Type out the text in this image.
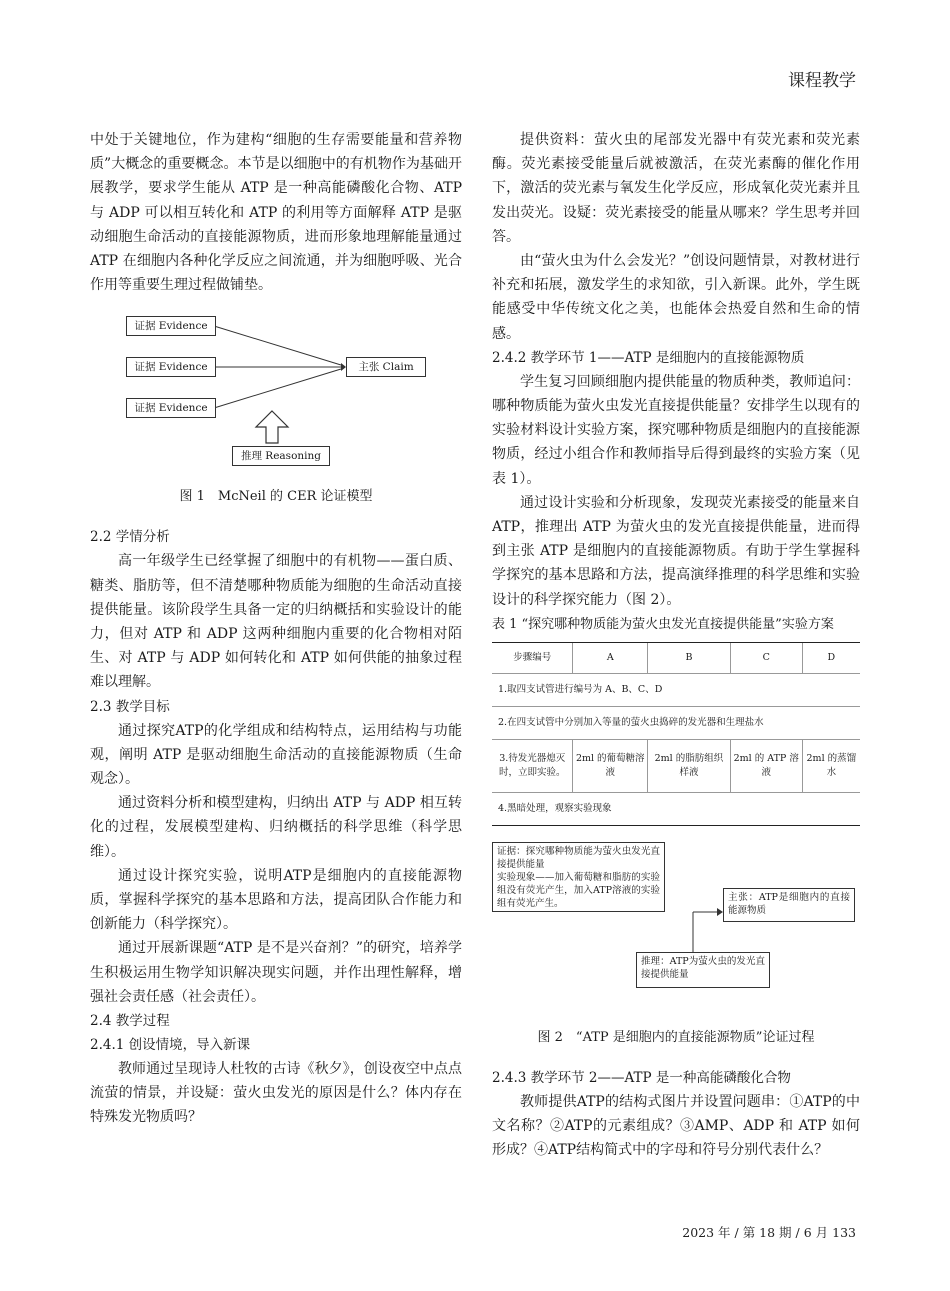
课程教学

中处于关键地位，作为建构“细胞的生存需要能量和营养物质”大概念的重要概念。本节是以细胞中的有机物作为基础开展教学，要求学生能从 ATP 是一种高能磷酸化合物、ATP 与 ADP 可以相互转化和 ATP 的利用等方面解释 ATP 是驱动细胞生命活动的直接能源物质，进而形象地理解能量通过 ATP 在细胞内各种化学反应之间流通，并为细胞呼吸、光合作用等重要生理过程做铺垫。

证据 Evidence
证据 Evidence
证据 Evidence
主张 Claim
推理 Reasoning
图 1　McNeil 的 CER 论证模型
2.2 学情分析

高一年级学生已经掌握了细胞中的有机物——蛋白质、糖类、脂肪等，但不清楚哪种物质能为细胞的生命活动直接提供能量。该阶段学生具备一定的归纳概括和实验设计的能力，但对 ATP 和 ADP 这两种细胞内重要的化合物相对陌生、对 ATP 与 ADP 如何转化和 ATP 如何供能的抽象过程难以理解。

2.3 教学目标

通过探究ATP的化学组成和结构特点，运用结构与功能观，阐明 ATP 是驱动细胞生命活动的直接能源物质（生命观念）。

通过资料分析和模型建构，归纳出 ATP 与 ADP 相互转化的过程，发展模型建构、归纳概括的科学思维（科学思维）。

通过设计探究实验，说明ATP是细胞内的直接能源物质，掌握科学探究的基本思路和方法，提高团队合作能力和创新能力（科学探究）。

通过开展新课题“ATP 是不是兴奋剂？”的研究，培养学生积极运用生物学知识解决现实问题，并作出理性解释，增强社会责任感（社会责任）。

2.4 教学过程
2.4.1 创设情境，导入新课

教师通过呈现诗人杜牧的古诗《秋夕》，创设夜空中点点流萤的情景，并设疑：萤火虫发光的原因是什么？体内存在特殊发光物质吗？

提供资料：萤火虫的尾部发光器中有荧光素和荧光素酶。荧光素接受能量后就被激活，在荧光素酶的催化作用下，激活的荧光素与氧发生化学反应，形成氧化荧光素并且发出荧光。设疑：荧光素接受的能量从哪来？学生思考并回答。

由“萤火虫为什么会发光？”创设问题情景，对教材进行补充和拓展，激发学生的求知欲，引入新课。此外，学生既能感受中华传统文化之美，也能体会热爱自然和生命的情感。

2.4.2 教学环节 1——ATP 是细胞内的直接能源物质

学生复习回顾细胞内提供能量的物质种类，教师追问：哪种物质能为萤火虫发光直接提供能量？安排学生以现有的实验材料设计实验方案，探究哪种物质是细胞内的直接能源物质，经过小组合作和教师指导后得到最终的实验方案（见表 1）。

通过设计实验和分析现象，发现荧光素接受的能量来自 ATP，推理出 ATP 为萤火虫的发光直接提供能量，进而得到主张 ATP 是细胞内的直接能源物质。有助于学生掌握科学探究的基本思路和方法，提高演绎推理的科学思维和实验设计的科学探究能力（图 2）。

表 1 “探究哪种物质能为萤火虫发光直接提供能量”实验方案
步骤编号	A	B	C	D
1.取四支试管进行编号为 A、B、C、D				
2.在四支试管中分别加入等量的萤火虫捣碎的发光器和生理盐水				
3.待发光器熄灭时，立即实验。	2ml 的葡萄糖溶液	2ml 的脂肪组织样液	2ml 的 ATP 溶液	2ml 的蒸馏水
4.黑暗处理，观察实验现象				
证据：探究哪种物质能为萤火虫发光直接提供能量
实验现象——加入葡萄糖和脂肪的实验组没有荧光产生，加入ATP溶液的实验组有荧光产生。
主张：ATP是细胞内的直接能源物质
推理：ATP为萤火虫的发光直接提供能量
图 2　“ATP 是细胞内的直接能源物质”论证过程
2.4.3 教学环节 2——ATP 是一种高能磷酸化合物

教师提供ATP的结构式图片并设置问题串：①ATP的中文名称？②ATP的元素组成？③AMP、ADP 和 ATP 如何形成？④ATP结构简式中的字母和符号分别代表什么？

2023 年 / 第 18 期 / 6 月 133
